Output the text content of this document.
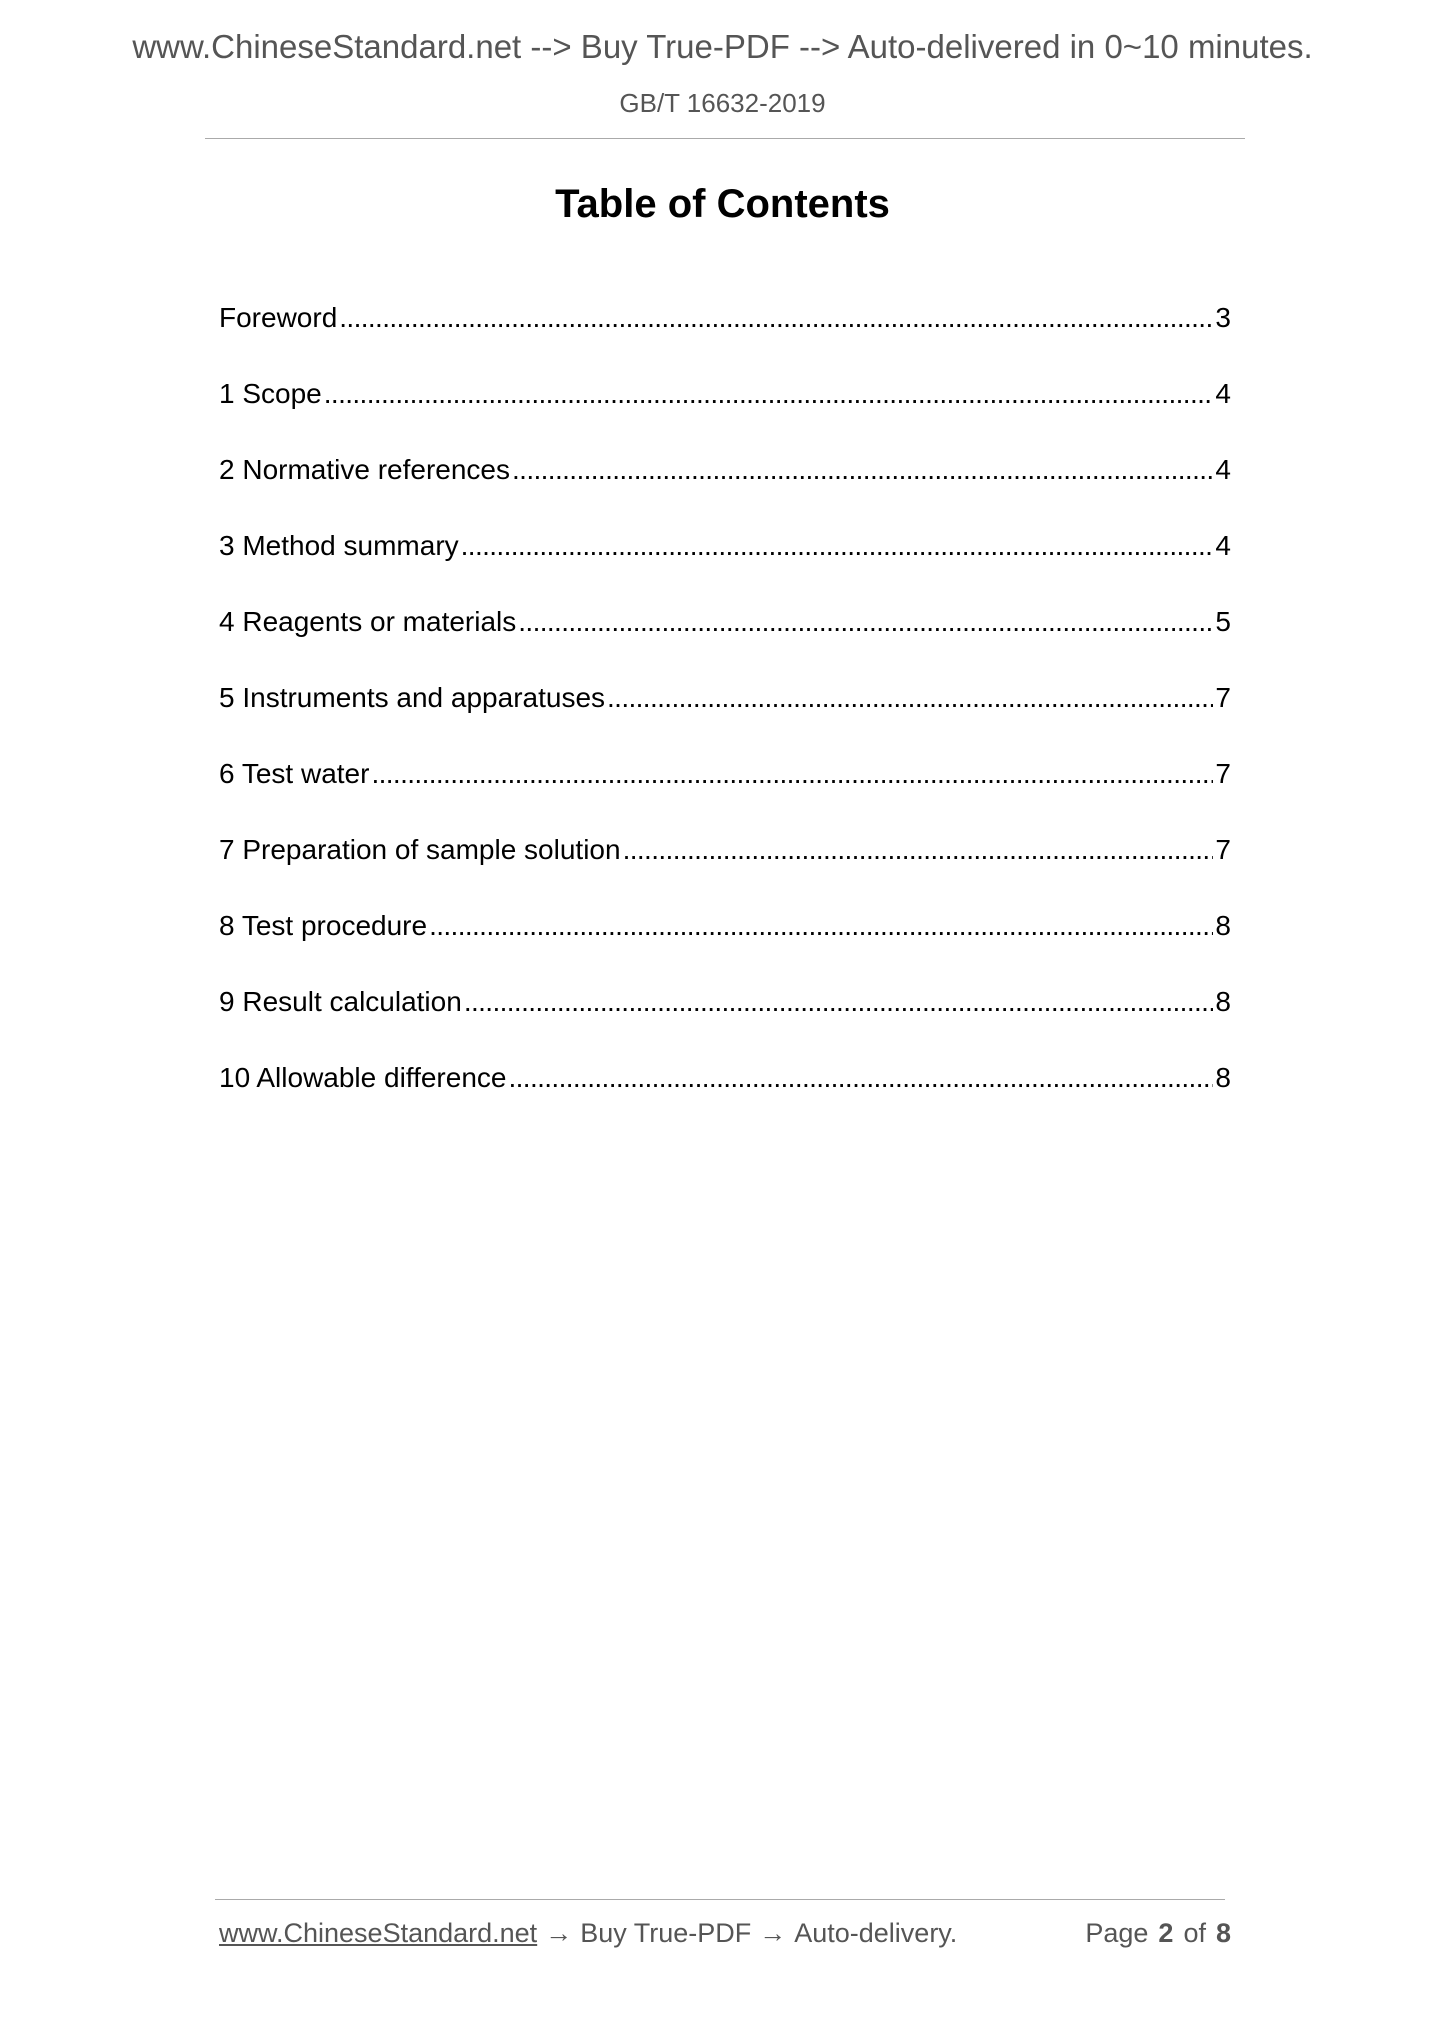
www.ChineseStandard.net --> Buy True-PDF --> Auto-delivered in 0~10 minutes.
GB/T 16632-2019
Table of Contents
Foreword . . .	3
1 Scope . . .	4
2 Normative references . . .	4
3 Method summary . . .	4
4 Reagents or materials . . .	5
5 Instruments and apparatuses . . .	7
6 Test water . . .	7
7 Preparation of sample solution . . .	7
8 Test procedure . . .	8
9 Result calculation . . .	8
10 Allowable difference . . .	8
www.ChineseStandard.net → Buy True-PDF → Auto-delivery.	Page 2 of 8
